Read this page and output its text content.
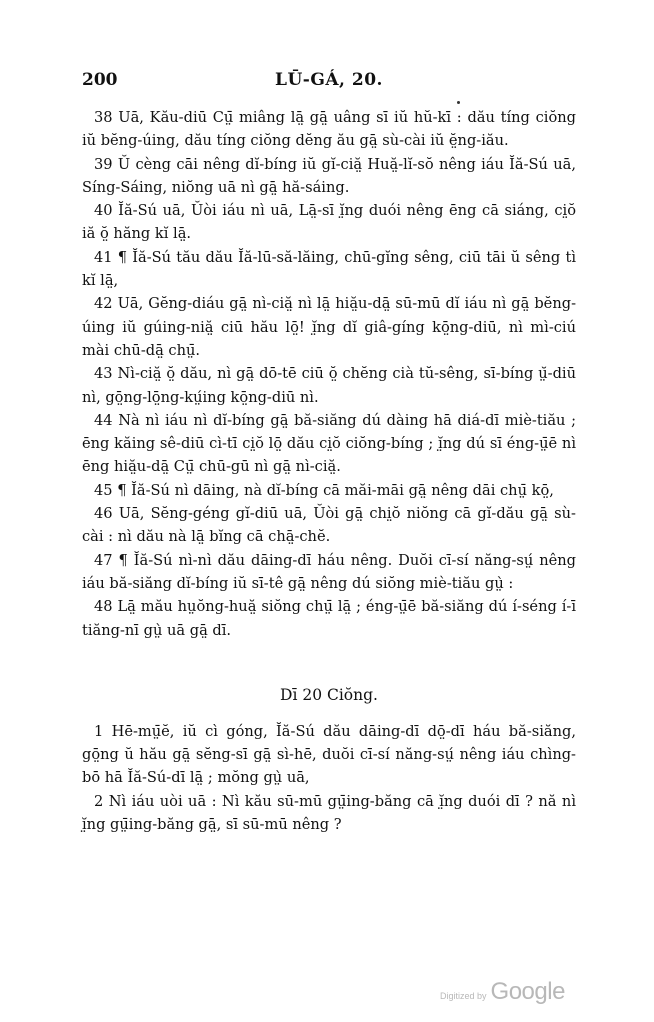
200	LŪ-GÁ, 20.

38 Uā, Kău-diū Cṳ̄ miâng lā̤ gā̤ uâng sī iŭ hŭ-kī : dău tíng ciŏng iŭ bĕng-úing, dău tíng ciŏng dĕng ău gā̤ sù-cài iŭ ĕ̤ng-iău.

39 Ŭ cèng cāi nêng dĭ-bíng iŭ gĭ-ciă̤ Huă̤-lĭ-sŏ nêng iáu Ĭă-Sú uā, Síng-Sáing, niŏng uā nì gā̤ hă-sáing.

40 Ĭă-Sú uā, Ŭòi iáu nì uā, Lā̤-sī ĭ̤ng duói nêng ēng cā siáng, ci̤ŏ iă ŏ̤ hăng kĭ lā̤.

41 ¶ Ĭă-Sú tău dău Ĭă-lū-să-lăing, chū-gĭng sêng, ciū tāi ŭ sêng tì kĭ lā̤,

42 Uā, Gĕng-diáu gā̤ nì-ciă̤ nì lā̤ hiă̤u-dā̤ sū-mū dĭ iáu nì gā̤ bĕng-úing iŭ gúing-niă̤ ciū hău lō̤! ĭ̤ng dĭ giâ-gíng kō̤ng-diū, nì mì-ciú mài chū-dā̤ chṳ̄.

43 Nì-ciă̤ ŏ̤ dău, nì gā̤ dō-tē ciū ŏ̤ chĕng cià tŭ-sêng, sī-bíng ṳ̆-diū nì, gō̤ng-lō̤ng-kṳ́ing kō̤ng-diū nì.

44 Nà nì iáu nì dĭ-bíng gā̤ bă-siăng dú dàing hā diá-dī miè-tiău ; ēng kăing sê-diū cì-tī ci̤ŏ lō̤ dău ci̤ŏ ciŏng-bíng ; ĭ̤ng dú sī éng-ṳ̄ē nì ēng hiă̤u-dā̤ Cṳ̄ chū-gū nì gā̤ nì-ciă̤.

45 ¶ Ĭă-Sú nì dāing, nà dĭ-bíng cā măi-māi gā̤ nêng dāi chṳ̄ kō̤,

46 Uā, Sĕng-géng gĭ-diū uā, Ŭòi gā̤ chi̤ŏ niŏng cā gĭ-dău gā̤ sù-cài : nì dău nà lā̤ bĭng cā chā̤-chĕ.

47 ¶ Ĭă-Sú nì-nì dău dāing-dī háu nêng. Duŏi cī-sí năng-sṳ́ nêng iáu bă-siăng dĭ-bíng iŭ sī-tê gā̤ nêng dú siŏng miè-tiău gṳ̀ :

48 Lā̤ mău hṳŏng-huă̤ siŏng chṳ̄ lā̤ ; éng-ṳ̄ē bă-siăng dú í-séng í-ī tiăng-nī gṳ̀ uā gā̤ dī.

Dī 20 Ciŏng.

1 Hē-mṳ̄ĕ, iŭ cì góng, Ĭă-Sú dău dāing-dī dō̤-dī háu bă-siăng, gō̤ng ŭ hău gā̤ sĕng-sī gā̤ sì-hē, duŏi cī-sí năng-sṳ́ nêng iáu chìng-bō hā Ĭă-Sú-dī lā̤ ; mŏng gṳ̀ uā,

2 Nì iáu uòi uā : Nì kău sū-mū gṳ̄ing-băng cā ĭ̤ng duói dī ? nă nì ĭ̤ng gṳ̄ing-băng gā̤, sī sū-mū nêng ?

Digitized by Google
